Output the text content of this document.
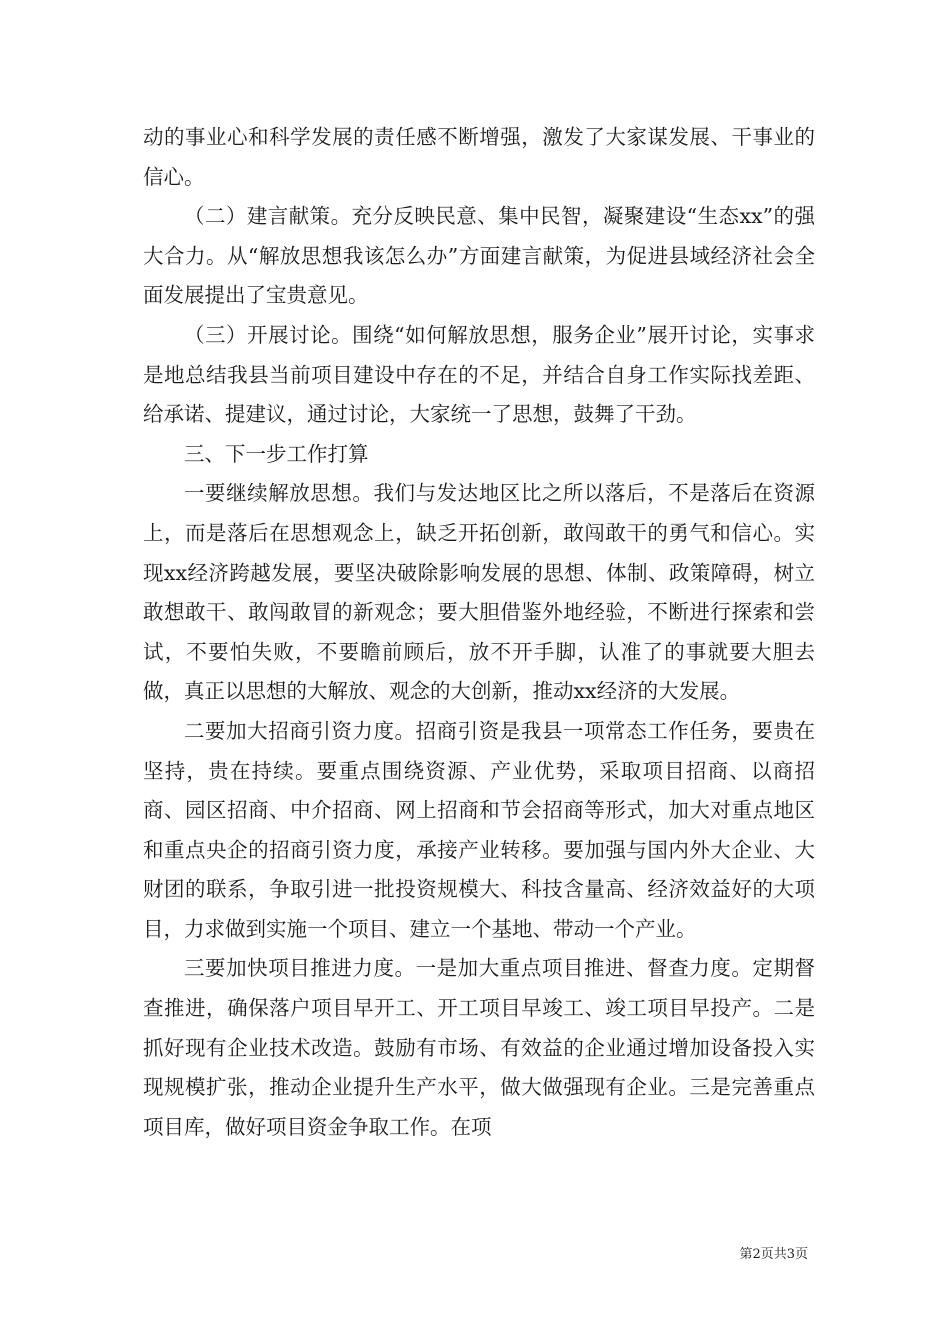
动的事业心和科学发展的责任感不断增强，激发了大家谋发展、干事业的信心。

（二）建言献策。充分反映民意、集中民智，凝聚建设“生态xx”的强大合力。从“解放思想我该怎么办”方面建言献策，为促进县域经济社会全面发展提出了宝贵意见。

（三）开展讨论。围绕“如何解放思想，服务企业”展开讨论，实事求是地总结我县当前项目建设中存在的不足，并结合自身工作实际找差距、给承诺、提建议，通过讨论，大家统一了思想，鼓舞了干劲。

三、下一步工作打算

一要继续解放思想。我们与发达地区比之所以落后，不是落后在资源上，而是落后在思想观念上，缺乏开拓创新，敢闯敢干的勇气和信心。实现xx经济跨越发展，要坚决破除影响发展的思想、体制、政策障碍，树立敢想敢干、敢闯敢冒的新观念；要大胆借鉴外地经验，不断进行探索和尝试，不要怕失败，不要瞻前顾后，放不开手脚，认准了的事就要大胆去做，真正以思想的大解放、观念的大创新，推动xx经济的大发展。

二要加大招商引资力度。招商引资是我县一项常态工作任务，要贵在坚持，贵在持续。要重点围绕资源、产业优势，采取项目招商、以商招商、园区招商、中介招商、网上招商和节会招商等形式，加大对重点地区和重点央企的招商引资力度，承接产业转移。要加强与国内外大企业、大财团的联系，争取引进一批投资规模大、科技含量高、经济效益好的大项目，力求做到实施一个项目、建立一个基地、带动一个产业。

三要加快项目推进力度。一是加大重点项目推进、督查力度。定期督查推进，确保落户项目早开工、开工项目早竣工、竣工项目早投产。二是抓好现有企业技术改造。鼓励有市场、有效益的企业通过增加设备投入实现规模扩张，推动企业提升生产水平，做大做强现有企业。三是完善重点项目库，做好项目资金争取工作。在项

第2页共3页
